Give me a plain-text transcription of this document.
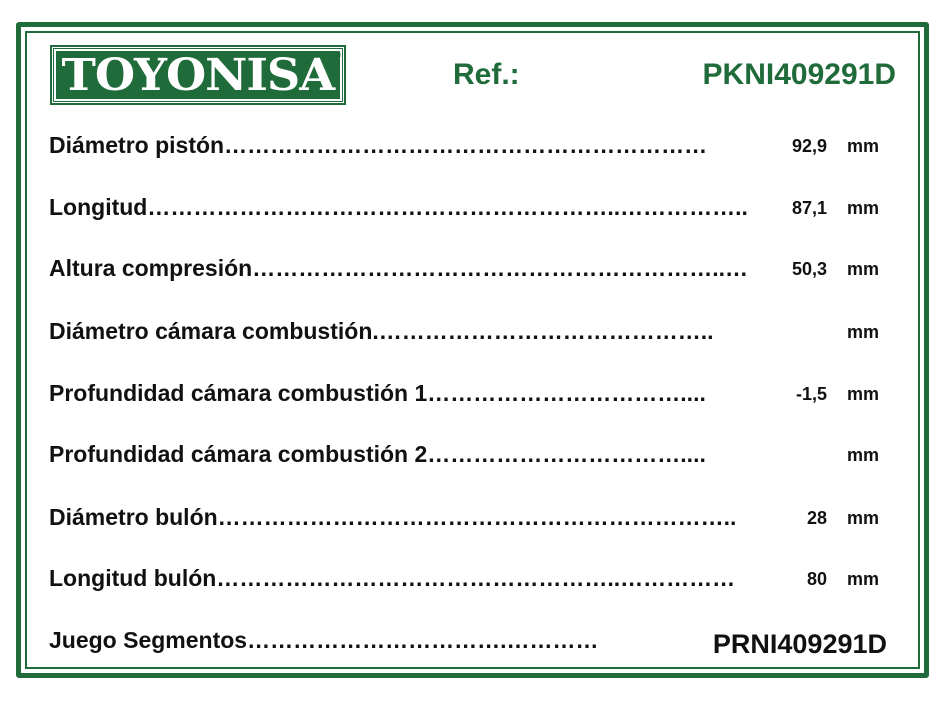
TOYONISA ®
Ref.:	PKNI409291D
Diámetro pistón………………………………………………………	92,9 mm
Longitud……………………………………………………..…………….. 87,1 mm
Altura compresión……………………………………………………..… 50,3 mm
Diámetro cámara combustión.……………………………………..	mm
Profundidad cámara combustión 1……………………………....	-1,5 mm
Profundidad cámara combustión 2……………………………....	mm
Diámetro bulón…………………………………………………………..	28 mm
Longitud bulón……………………………………………..……………	80 mm
Juego Segmentos…………………………….…………	PRNI409291D
